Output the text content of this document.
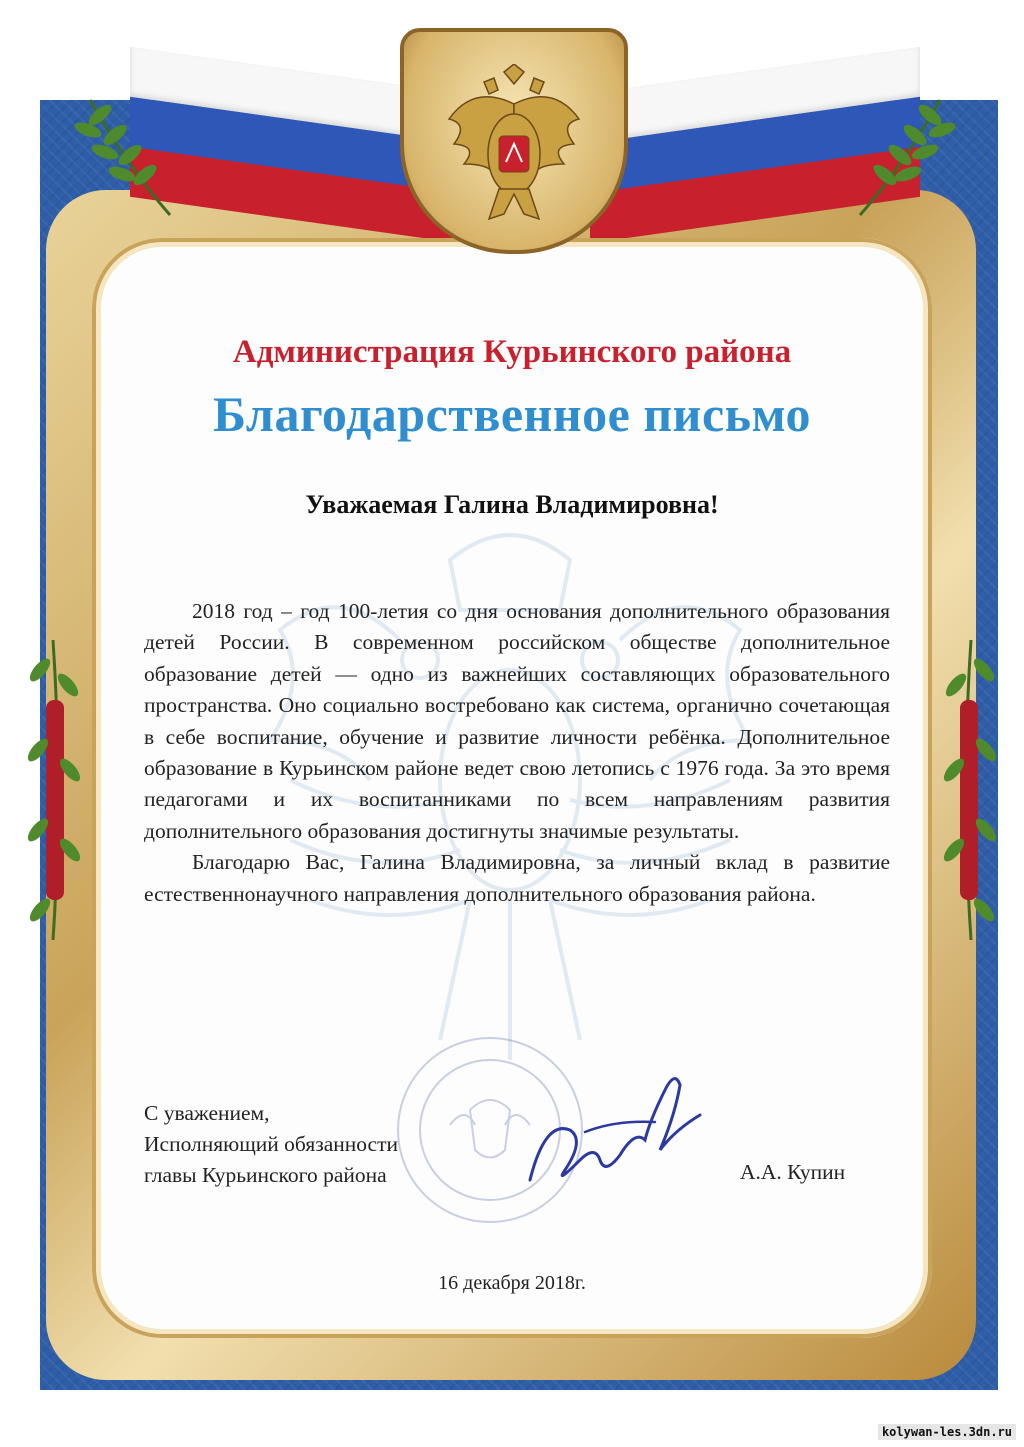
Администрация Курьинского района
Благодарственное письмо
Уважаемая Галина Владимировна!

2018 год – год 100-летия со дня основания дополнительного образования детей России. В современном российском обществе дополнительное образование детей — одно из важнейших составляющих образовательного пространства. Оно социально востребовано как система, органично сочетающая в себе воспитание, обучение и развитие личности ребёнка. Дополнительное образование в Курьинском районе ведет свою летопись с 1976 года. За это время педагогами и их воспитанниками по всем направлениям развития дополнительного образования достигнуты значимые результаты.

Благодарю Вас, Галина Владимировна, за личный вклад в развитие естественнонаучного направления дополнительного образования района.

С уважением,
Исполняющий обязанности
главы Курьинского района	А.А. Купин
16 декабря 2018г.
kolywan-les.3dn.ru
